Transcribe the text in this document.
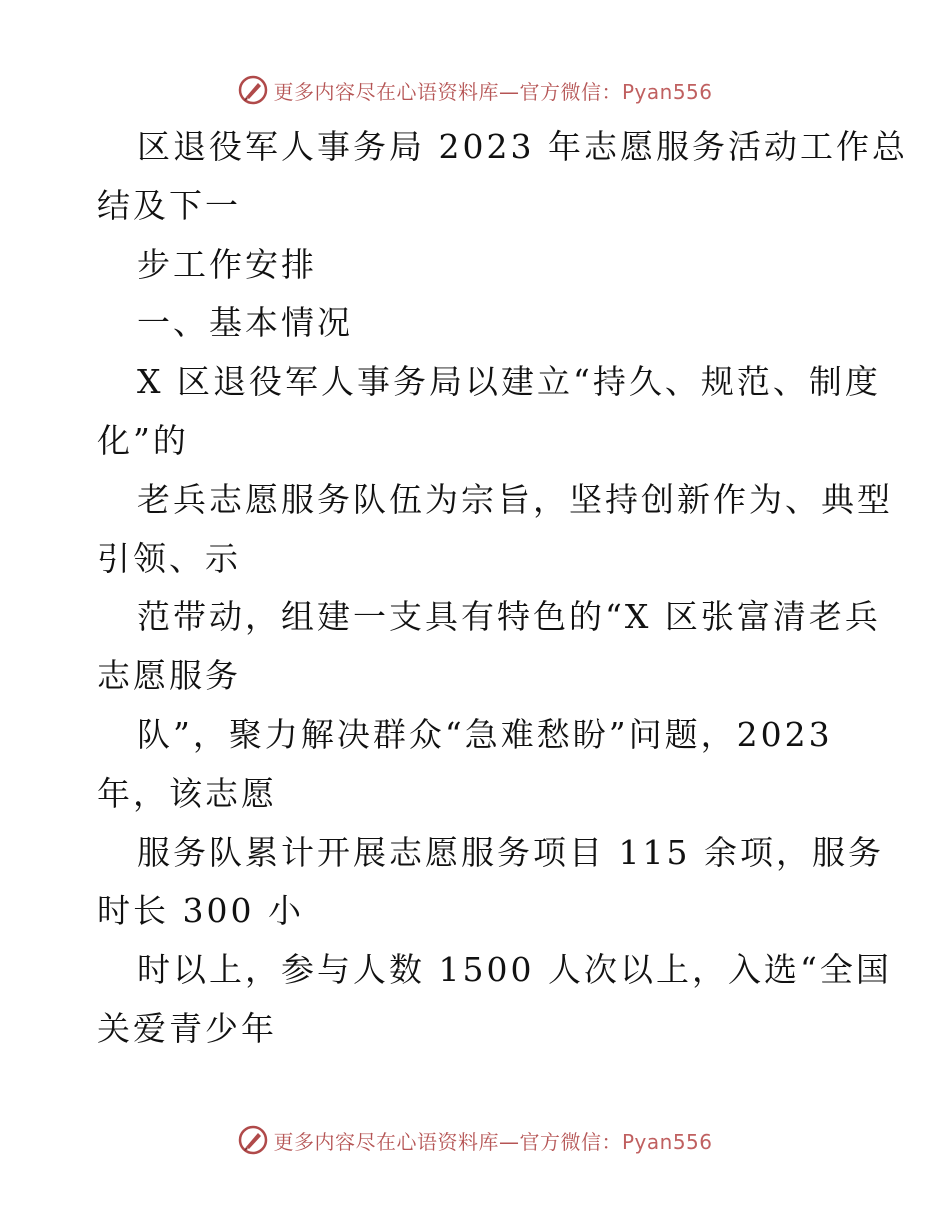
更多内容尽在心语资料库—官方微信：Pyan556
区退役军人事务局 2023 年志愿服务活动工作总
结及下一
步工作安排
一、基本情况
X 区退役军人事务局以建立“持久、规范、制度
化”的
老兵志愿服务队伍为宗旨，坚持创新作为、典型
引领、示
范带动，组建一支具有特色的“X 区张富清老兵
志愿服务
队”，聚力解决群众“急难愁盼”问题，2023
年，该志愿
服务队累计开展志愿服务项目 115 余项，服务
时长 300 小
时以上，参与人数 1500 人次以上，入选“全国
关爱青少年
更多内容尽在心语资料库—官方微信：Pyan556
